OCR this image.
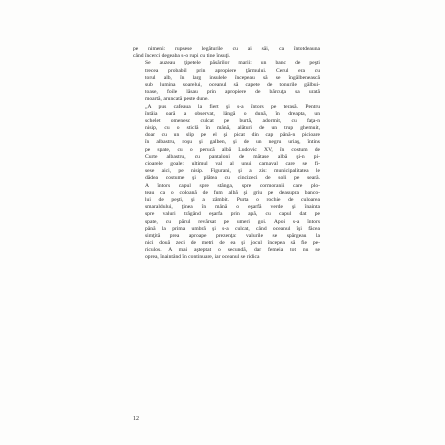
pe nimeni: rupsese legăturile cu ai săi, ca întotdeauna
când încerci degeaba s-o rupi cu tine însuţi.
Se auzeau ţipetele păsărilor marii: un banc de peşti
trecea probabil prin apropiere ţărmului. Cerul era cu
torul alb, în larg insulele începeau să se îngălbenească
sub lumina soarelui, oceanul să capete de tonurile gălbui-
toase, foile lăsau prin apropiere de bărcuţa sa urată
moartă, aruncată peste dune.
„A pus cafeaua la fiert şi s-a întors pe terasă. Pentru
întâia oară a observat, lângă o dună, în dreapta, un
schelet omenesc culcat pe burtă, adormit, cu faţa-n
nisip, cu o sticlă în mână, alături de un trup ghemuit,
doar cu un slip pe el şi picat din cap până-n picioare
în albastru, roşu şi galben, şi de un negru uriaş, întins
pe spate, cu o perucă albă Ludovic XV, în costum de
Curte albastru, cu pantaloni de mătase albă şi-n pi-
cioarele goale: ultimul val al unui carnaval care se fi-
sese aici, pe nisip. Figurani, şi a zis: municipalitatea le
dădea costume şi plătea cu cincizeci de soli pe seară.
A întors capul spre stânga, spre cormoranii care plo-
teau ca o coloană de fum albă şi griu pe deasupra banco-
lui de peşti, şi a zâmbit. Purta o rochie de culoarea
smaraldului, ţinea în mână o eşarfă verde şi înainta
spre valuri trăgând eşarfa prin apă, cu capul dat pe
spate, cu părul revărsat pe umeri goi. Apoi s-a întors
până la prima umbră şi s-a culcat, când oceanul îşi făcea
simţită prea aproape prezenţa: valurile se spărgeau la
nici două zeci de metri de ea şi jocul începea să fie pe-
riculos. A mai aşteptat o secundă, dar femeia tot nu se
oprea, înaintând în continuare, iar oceanul se ridica
12
